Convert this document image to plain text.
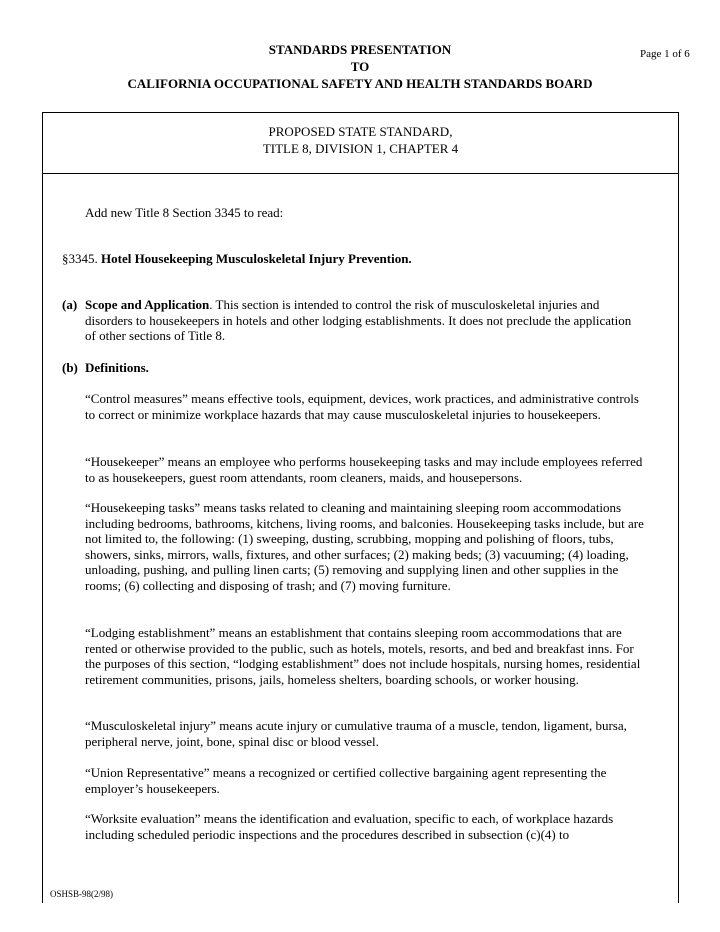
STANDARDS PRESENTATION	Page 1 of 6
TO
CALIFORNIA OCCUPATIONAL SAFETY AND HEALTH STANDARDS BOARD
PROPOSED STATE STANDARD,
TITLE 8, DIVISION 1, CHAPTER 4
Add new Title 8 Section 3345 to read:
§3345. Hotel Housekeeping Musculoskeletal Injury Prevention.
(a) Scope and Application. This section is intended to control the risk of musculoskeletal injuries and disorders to housekeepers in hotels and other lodging establishments. It does not preclude the application of other sections of Title 8.
(b) Definitions.
“Control measures” means effective tools, equipment, devices, work practices, and administrative controls to correct or minimize workplace hazards that may cause musculoskeletal injuries to housekeepers.
“Housekeeper” means an employee who performs housekeeping tasks and may include employees referred to as housekeepers, guest room attendants, room cleaners, maids, and housepersons.
“Housekeeping tasks” means tasks related to cleaning and maintaining sleeping room accommodations including bedrooms, bathrooms, kitchens, living rooms, and balconies. Housekeeping tasks include, but are not limited to, the following: (1) sweeping, dusting, scrubbing, mopping and polishing of floors, tubs, showers, sinks, mirrors, walls, fixtures, and other surfaces; (2) making beds; (3) vacuuming; (4) loading, unloading, pushing, and pulling linen carts; (5) removing and supplying linen and other supplies in the rooms; (6) collecting and disposing of trash; and (7) moving furniture.
“Lodging establishment” means an establishment that contains sleeping room accommodations that are rented or otherwise provided to the public, such as hotels, motels, resorts, and bed and breakfast inns. For the purposes of this section, “lodging establishment” does not include hospitals, nursing homes, residential retirement communities, prisons, jails, homeless shelters, boarding schools, or worker housing.
“Musculoskeletal injury” means acute injury or cumulative trauma of a muscle, tendon, ligament, bursa, peripheral nerve, joint, bone, spinal disc or blood vessel.
“Union Representative” means a recognized or certified collective bargaining agent representing the employer’s housekeepers.
“Worksite evaluation” means the identification and evaluation, specific to each, of workplace hazards including scheduled periodic inspections and the procedures described in subsection (c)(4) to
OSHSB-98(2/98)
